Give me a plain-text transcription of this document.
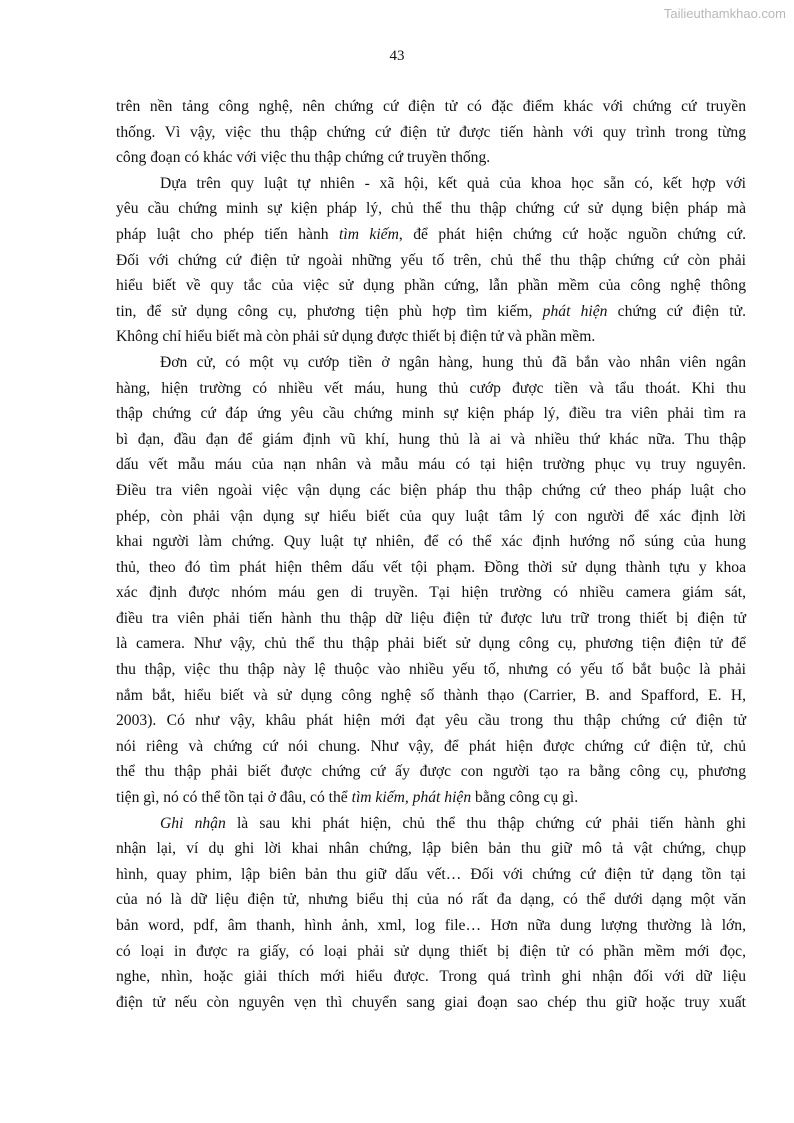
Tailieuthamkhao.com
43
trên nền tảng công nghệ, nên chứng cứ điện tử có đặc điểm khác với chứng cứ truyền
thống. Vì vậy, việc thu thập chứng cứ điện tử được tiến hành với quy trình trong từng
công đoạn có khác với việc thu thập chứng cứ truyền thống.
Dựa trên quy luật tự nhiên - xã hội, kết quả của khoa học sẵn có, kết hợp với
yêu cầu chứng minh sự kiện pháp lý, chủ thể thu thập chứng cứ sử dụng biện pháp mà
pháp luật cho phép tiến hành tìm kiếm, để phát hiện chứng cứ hoặc nguồn chứng cứ.
Đối với chứng cứ điện tử ngoài những yếu tố trên, chủ thể thu thập chứng cứ còn phải
hiểu biết về quy tắc của việc sử dụng phần cứng, lẫn phần mềm của công nghệ thông
tin, để sử dụng công cụ, phương tiện phù hợp tìm kiếm, phát hiện chứng cứ điện tử.
Không chỉ hiểu biết mà còn phải sử dụng được thiết bị điện tử và phần mềm.
Đơn cử, có một vụ cướp tiền ở ngân hàng, hung thủ đã bắn vào nhân viên ngân
hàng, hiện trường có nhiều vết máu, hung thủ cướp được tiền và tẩu thoát. Khi thu
thập chứng cứ đáp ứng yêu cầu chứng minh sự kiện pháp lý, điều tra viên phải tìm ra
bì đạn, đầu đạn để giám định vũ khí, hung thủ là ai và nhiều thứ khác nữa. Thu thập
dấu vết mẫu máu của nạn nhân và mẫu máu có tại hiện trường phục vụ truy nguyên.
Điều tra viên ngoài việc vận dụng các biện pháp thu thập chứng cứ theo pháp luật cho
phép, còn phải vận dụng sự hiểu biết của quy luật tâm lý con người để xác định lời
khai người làm chứng. Quy luật tự nhiên, để có thể xác định hướng nổ súng của hung
thủ, theo đó tìm phát hiện thêm dấu vết tội phạm. Đồng thời sử dụng thành tựu y khoa
xác định được nhóm máu gen di truyền. Tại hiện trường có nhiều camera giám sát,
điều tra viên phải tiến hành thu thập dữ liệu điện tử được lưu trữ trong thiết bị điện tử
là camera. Như vậy, chủ thể thu thập phải biết sử dụng công cụ, phương tiện điện tử để
thu thập, việc thu thập này lệ thuộc vào nhiều yếu tố, nhưng có yếu tố bắt buộc là phải
nắm bắt, hiểu biết và sử dụng công nghệ số thành thạo (Carrier, B. and Spafford, E. H,
2003). Có như vậy, khâu phát hiện mới đạt yêu cầu trong thu thập chứng cứ điện tử
nói riêng và chứng cứ nói chung. Như vậy, để phát hiện được chứng cứ điện tử, chủ
thể thu thập phải biết được chứng cứ ấy được con người tạo ra bằng công cụ, phương
tiện gì, nó có thể tồn tại ở đâu, có thể tìm kiếm, phát hiện bằng công cụ gì.
Ghi nhận là sau khi phát hiện, chủ thể thu thập chứng cứ phải tiến hành ghi
nhận lại, ví dụ ghi lời khai nhân chứng, lập biên bản thu giữ mô tả vật chứng, chụp
hình, quay phim, lập biên bản thu giữ dấu vết… Đối với chứng cứ điện tử dạng tồn tại
của nó là dữ liệu điện tử, nhưng biểu thị của nó rất đa dạng, có thể dưới dạng một văn
bản word, pdf, âm thanh, hình ảnh, xml, log file… Hơn nữa dung lượng thường là lớn,
có loại in được ra giấy, có loại phải sử dụng thiết bị điện tử có phần mềm mới đọc,
nghe, nhìn, hoặc giải thích mới hiểu được. Trong quá trình ghi nhận đối với dữ liệu
điện tử nếu còn nguyên vẹn thì chuyển sang giai đoạn sao chép thu giữ hoặc truy xuất
